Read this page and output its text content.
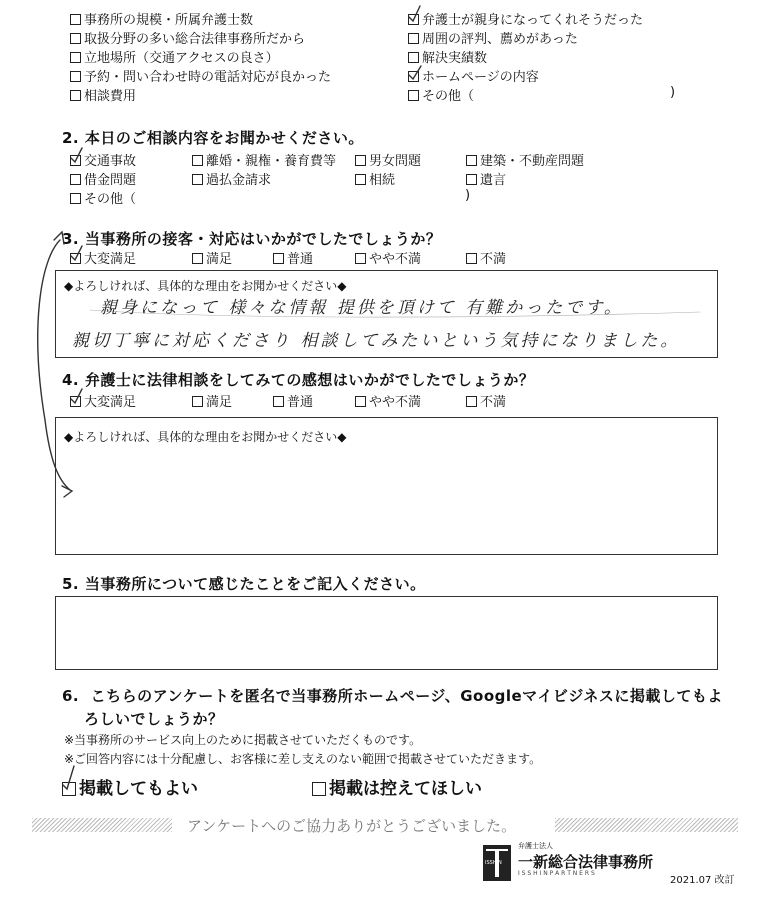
事務所の規模・所属弁護士数
取扱分野の多い総合法律事務所だから
立地場所（交通アクセスの良さ）
予約・問い合わせ時の電話対応が良かった
相談費用
弁護士が親身になってくれそうだった
周囲の評判、薦めがあった
解決実績数
ホームページの内容
その他（	)
2. 本日のご相談内容をお聞かせください。
交通事故	離婚・親権・養育費等	男女問題	建築・不動産問題
借金問題	過払金請求	相続	遺言
その他（	)
3. 当事務所の接客・対応はいかがでしたでしょうか？
大変満足	満足	普通	やや不満	不満
◆よろしければ、具体的な理由をお聞かせください◆
親身になって 様々な情報 提供を頂けて 有難かったです。
親切丁寧に対応くださり 相談してみたいという気持になりました。
4. 弁護士に法律相談をしてみての感想はいかがでしたでしょうか？
大変満足	満足	普通	やや不満	不満
◆よろしければ、具体的な理由をお聞かせください◆
5. 当事務所について感じたことをご記入ください。
6. こちらのアンケートを匿名で当事務所ホームページ、Googleマイビジネスに掲載してもよ
ろしいでしょうか？
※当事務所のサービス向上のために掲載させていただくものです。
※ご回答内容には十分配慮し、お客様に差し支えのない範囲で掲載させていただきます。
掲載してもよい	掲載は控えてほしい
アンケートへのご協力ありがとうございました。
ISSHIN
弁護士法人
一新総合法律事務所
I S S H I N P A R T N E R S
2021.07 改訂
